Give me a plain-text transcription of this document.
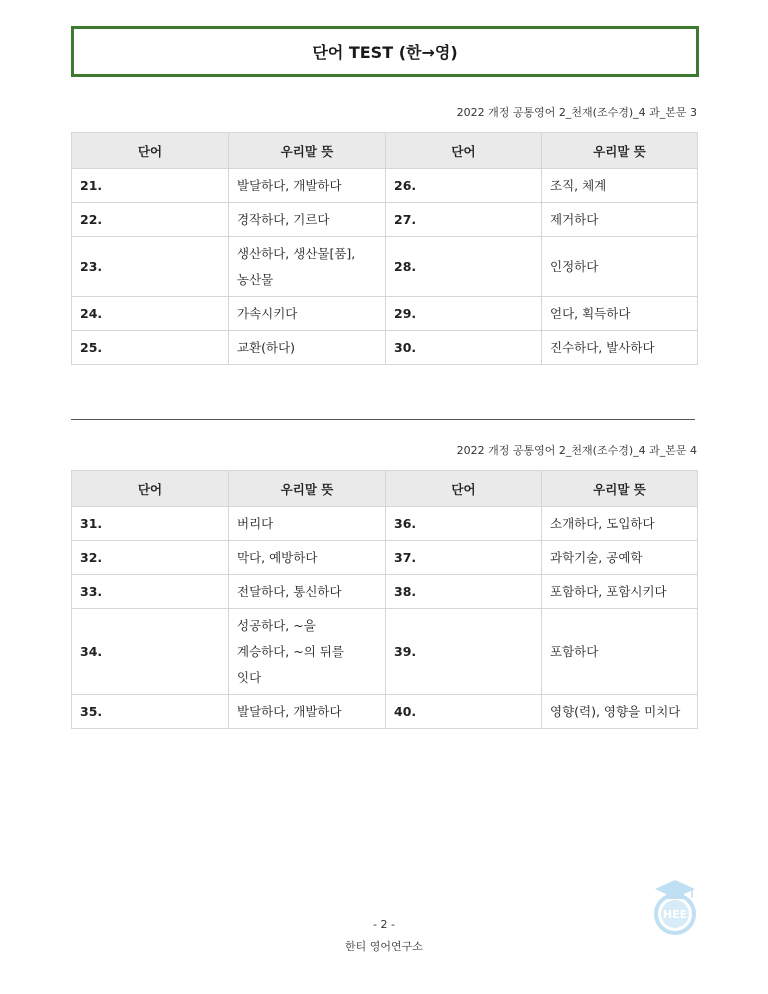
단어 TEST (한→영)
2022 개정 공통영어 2_천재(조수경)_4 과_본문 3
단어	우리말 뜻	단어	우리말 뜻
21.	발달하다, 개발하다	26.	조직, 체계
22.	경작하다, 기르다	27.	제거하다
23.	생산하다, 생산물[품],
농산물	28.	인정하다
24.	가속시키다	29.	얻다, 획득하다
25.	교환(하다)	30.	진수하다, 발사하다
2022 개정 공통영어 2_천재(조수경)_4 과_본문 4
단어	우리말 뜻	단어	우리말 뜻
31.	버리다	36.	소개하다, 도입하다
32.	막다, 예방하다	37.	과학기술, 공예학
33.	전달하다, 통신하다	38.	포함하다, 포함시키다
34.	성공하다, ~을
계승하다, ~의 뒤를
잇다	39.	포함하다
35.	발달하다, 개발하다	40.	영향(력), 영향을 미치다
- 2 -
한티 영어연구소
HEE
